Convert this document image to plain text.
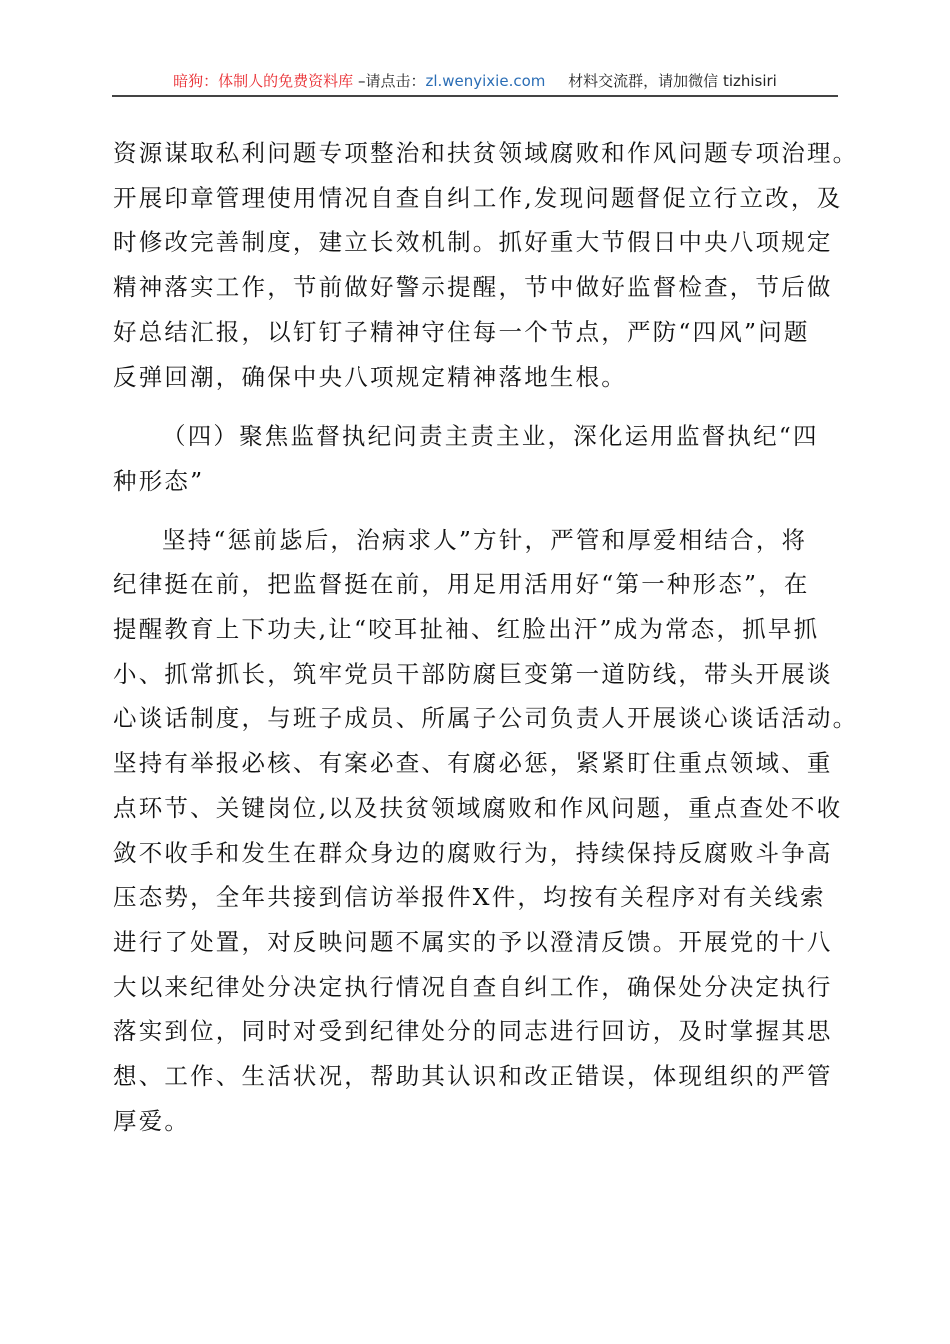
暗狗：体制人的免费资料库 –请点击：zl.wenyixie.com 材料交流群，请加微信 tizhisiri

资源谋取私利问题专项整治和扶贫领域腐败和作风问题专项治理。
开展印章管理使用情况自查自纠工作,发现问题督促立行立改，及
时修改完善制度，建立长效机制。抓好重大节假日中央八项规定
精神落实工作，节前做好警示提醒，节中做好监督检查，节后做
好总结汇报，以钉钉子精神守住每一个节点，严防“四风”问题
反弹回潮，确保中央八项规定精神落地生根。

（四）聚焦监督执纪问责主责主业，深化运用监督执纪“四
种形态”

坚持“惩前毖后，治病求人”方针，严管和厚爱相结合，将
纪律挺在前，把监督挺在前，用足用活用好“第一种形态”，在
提醒教育上下功夫,让“咬耳扯袖、红脸出汗”成为常态，抓早抓
小、抓常抓长，筑牢党员干部防腐巨变第一道防线，带头开展谈
心谈话制度，与班子成员、所属子公司负责人开展谈心谈话活动。
坚持有举报必核、有案必查、有腐必惩，紧紧盯住重点领域、重
点环节、关键岗位,以及扶贫领域腐败和作风问题，重点查处不收
敛不收手和发生在群众身边的腐败行为，持续保持反腐败斗争高
压态势，全年共接到信访举报件X件，均按有关程序对有关线索
进行了处置，对反映问题不属实的予以澄清反馈。开展党的十八
大以来纪律处分决定执行情况自查自纠工作，确保处分决定执行
落实到位，同时对受到纪律处分的同志进行回访，及时掌握其思
想、工作、生活状况，帮助其认识和改正错误，体现组织的严管
厚爱。
